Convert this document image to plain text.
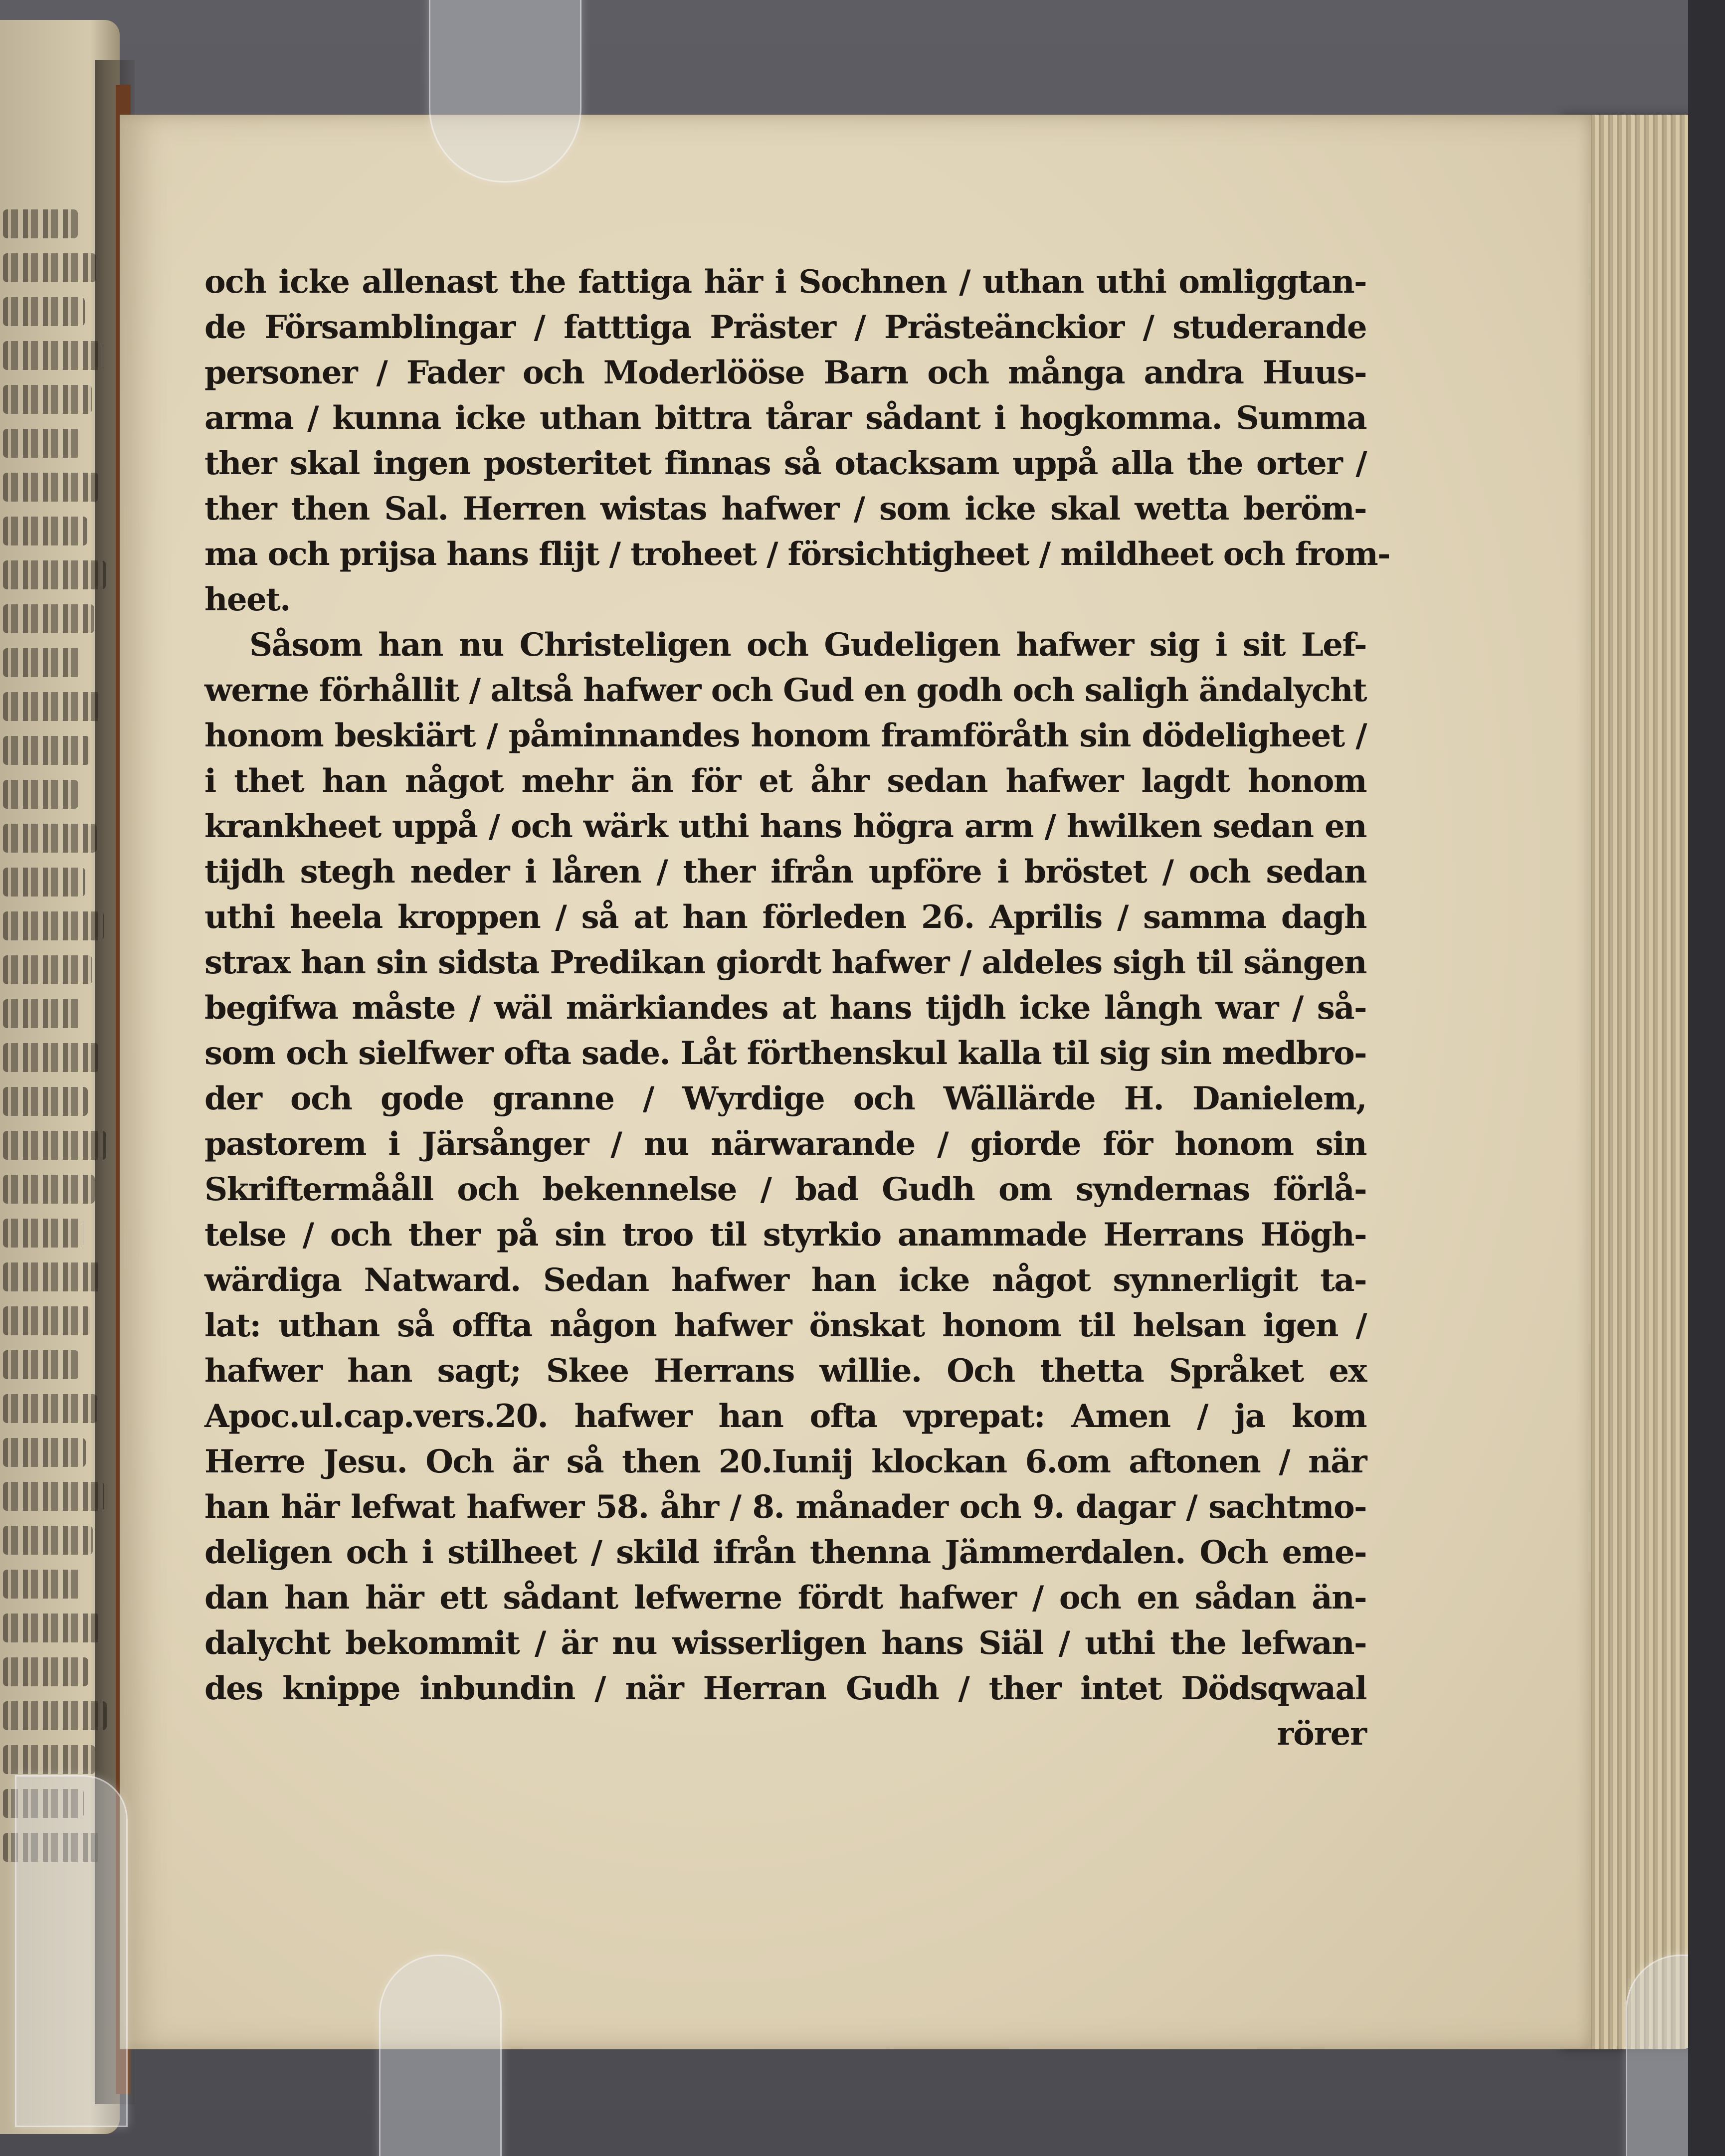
och icke allenast the fattiga här i Sochnen / uthan uthi omliggtan-
de Församblingar / fatttiga Präster / Prästeänckior / studerande
personer / Fader och Moderlööse Barn och många andra Huus-
arma / kunna icke uthan bittra tårar sådant i hogkomma. Summa
ther skal ingen posteritet finnas så otacksam uppå alla the orter /
ther then Sal. Herren wistas hafwer / som icke skal wetta beröm-
ma och prijsa hans flijt / troheet / försichtigheet / mildheet och from-
heet.
Såsom han nu Christeligen och Gudeligen hafwer sig i sit Lef-
werne förhållit / altså hafwer och Gud en godh och saligh ändalycht
honom beskiärt / påminnandes honom framföråth sin dödeligheet /
i thet han något mehr än för et åhr sedan hafwer lagdt honom
krankheet uppå / och wärk uthi hans högra arm / hwilken sedan en
tijdh stegh neder i låren / ther ifrån upföre i bröstet / och sedan
uthi heela kroppen / så at han förleden 26. Aprilis / samma dagh
strax han sin sidsta Predikan giordt hafwer / aldeles sigh til sängen
begifwa måste / wäl märkiandes at hans tijdh icke långh war / så-
som och sielfwer ofta sade. Låt förthenskul kalla til sig sin medbro-
der och gode granne / Wyrdige och Wällärde H. Danielem,
pastorem i Järsånger / nu närwarande / giorde för honom sin
Skriftermååll och bekennelse / bad Gudh om syndernas förlå-
telse / och ther på sin troo til styrkio anammade Herrans Högh-
wärdiga Natward. Sedan hafwer han icke något synnerligit ta-
lat: uthan så offta någon hafwer önskat honom til helsan igen /
hafwer han sagt; Skee Herrans willie. Och thetta Språket ex
Apoc.ul.cap.vers.20. hafwer han ofta vprepat: Amen / ja kom
Herre Jesu. Och är så then 20.Iunij klockan 6.om aftonen / när
han här lefwat hafwer 58. åhr / 8. månader och 9. dagar / sachtmo-
deligen och i stilheet / skild ifrån thenna Jämmerdalen. Och eme-
dan han här ett sådant lefwerne fördt hafwer / och en sådan än-
dalycht bekommit / är nu wisserligen hans Siäl / uthi the lefwan-
des knippe inbundin / när Herran Gudh / ther intet Dödsqwaal
rörer
